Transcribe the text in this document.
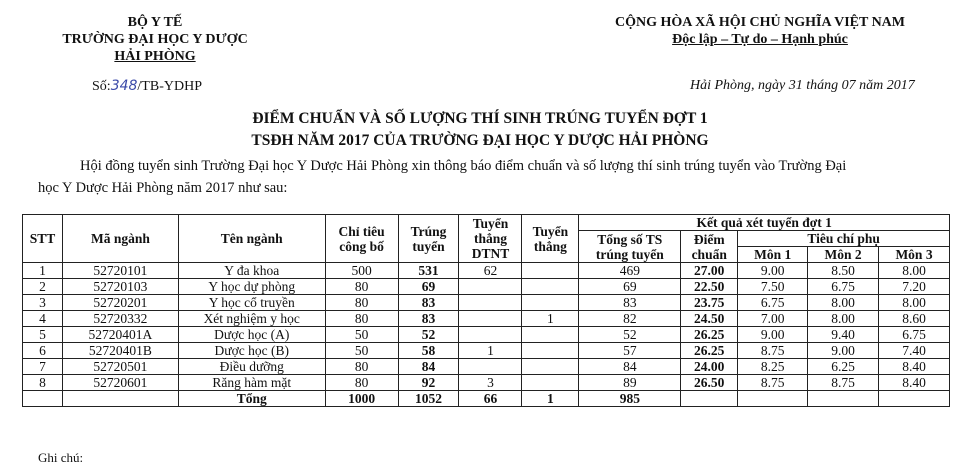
BỘ Y TẾ
TRƯỜNG ĐẠI HỌC Y DƯỢC
HẢI PHÒNG
Số:348/TB-YDHP
CỘNG HÒA XÃ HỘI CHỦ NGHĨA VIỆT NAM
Độc lập – Tự do – Hạnh phúc
Hải Phòng, ngày 31 tháng 07 năm 2017
ĐIỂM CHUẨN VÀ SỐ LƯỢNG THÍ SINH TRÚNG TUYỂN ĐỢT 1
TSĐH NĂM 2017 CỦA TRƯỜNG ĐẠI HỌC Y DƯỢC HẢI PHÒNG
Hội đồng tuyển sinh Trường Đại học Y Dược Hải Phòng xin thông báo điểm chuẩn và số lượng thí sinh trúng tuyển vào Trường Đại
học Y Dược Hải Phòng năm 2017 như sau:
STT	Mã ngành	Tên ngành	Chỉ tiêu công bố	Trúng tuyển	Tuyển thẳng DTNT	Tuyển thẳng	Kết quả xét tuyển đợt 1				
							Tổng số TS trúng tuyển	Điểm chuẩn	Tiêu chí phụ		
									Môn 1	Môn 2	Môn 3
1	52720101	Y đa khoa	500	531	62		469	27.00	9.00	8.50	8.00
2	52720103	Y học dự phòng	80	69			69	22.50	7.50	6.75	7.20
3	52720201	Y học cổ truyền	80	83			83	23.75	6.75	8.00	8.00
4	52720332	Xét nghiệm y học	80	83		1	82	24.50	7.00	8.00	8.60
5	52720401A	Dược học (A)	50	52			52	26.25	9.00	9.40	6.75
6	52720401B	Dược học (B)	50	58	1		57	26.25	8.75	9.00	7.40
7	52720501	Điều dưỡng	80	84			84	24.00	8.25	6.25	8.40
8	52720601	Răng hàm mặt	80	92	3		89	26.50	8.75	8.75	8.40
		Tổng	1000	1052	66	1	985				
Ghi chú:
